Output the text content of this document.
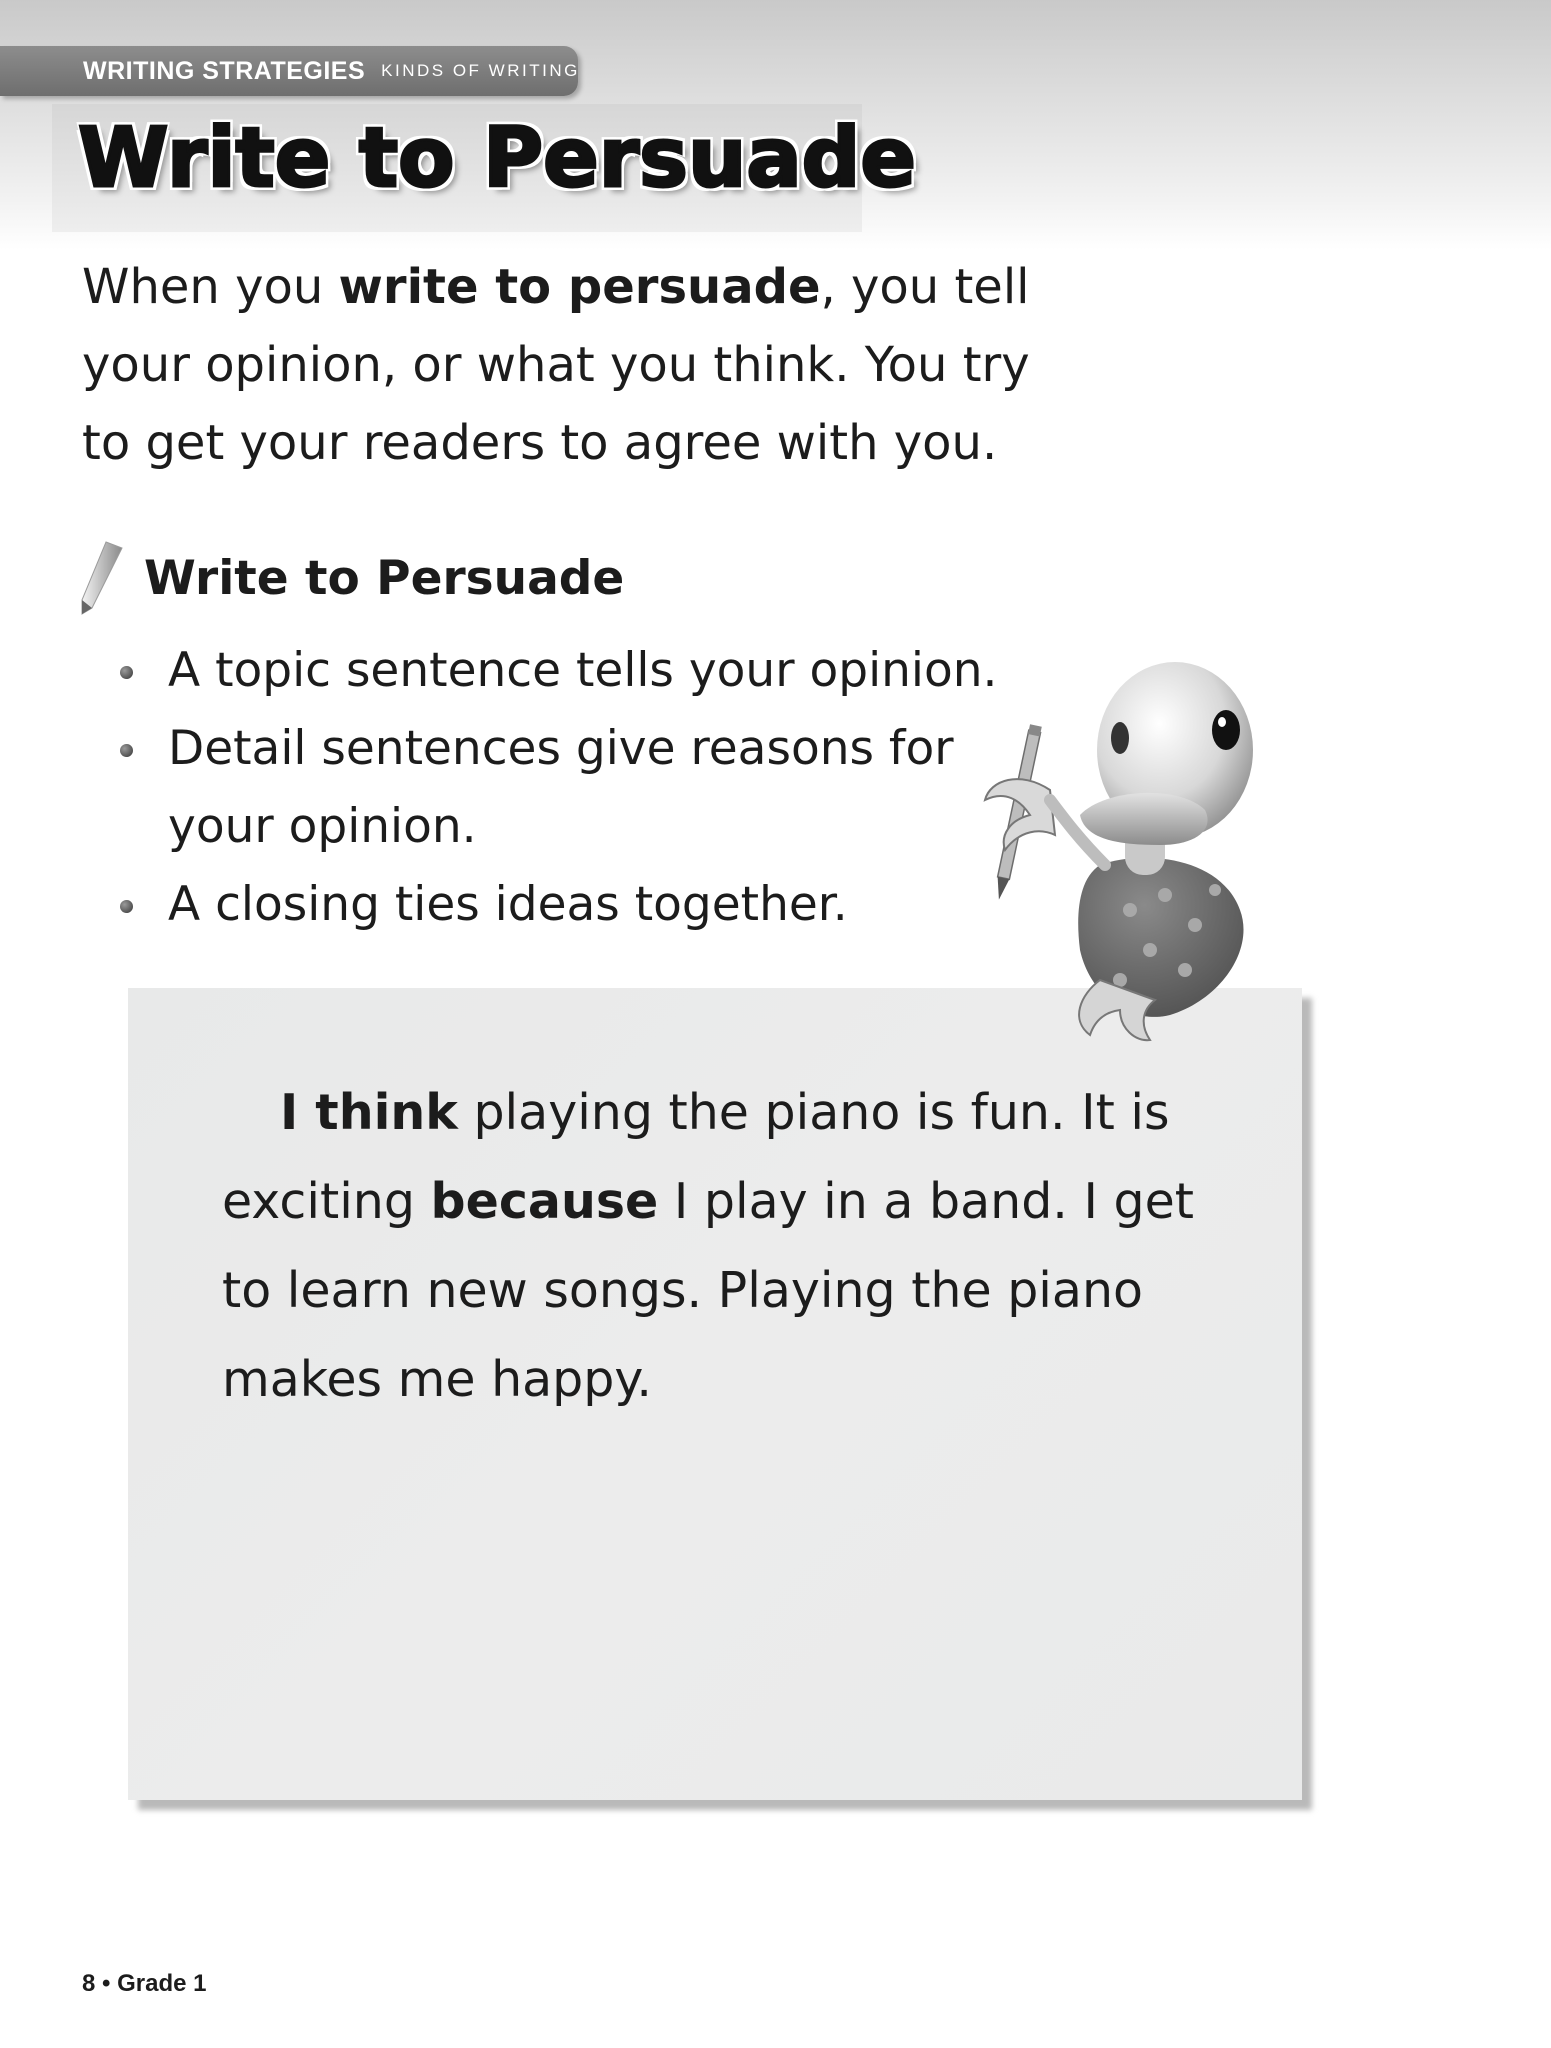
WRITING STRATEGIES KINDS OF WRITING
Write to Persuade

When you write to persuade, you tell
your opinion, or what you think. You try
to get your readers to agree with you.

Write to Persuade
A topic sentence tells your opinion.
Detail sentences give reasons for
your opinion.
A closing ties ideas together.

I think playing the piano is fun. It is
exciting because I play in a band. I get
to learn new songs. Playing the piano
makes me happy.

8 • Grade 1
